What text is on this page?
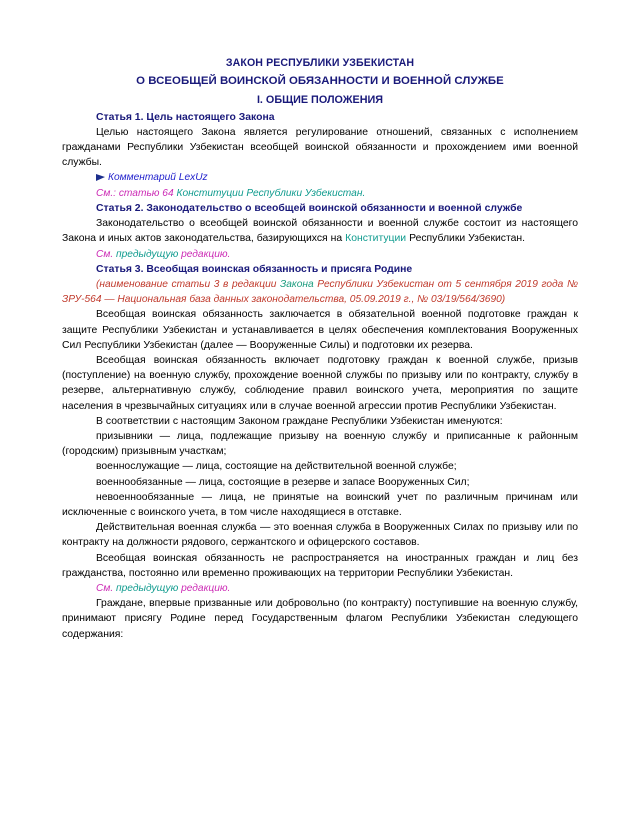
ЗАКОН РЕСПУБЛИКИ УЗБЕКИСТАН
О ВСЕОБЩЕЙ ВОИНСКОЙ ОБЯЗАННОСТИ И ВОЕННОЙ СЛУЖБЕ
I. ОБЩИЕ ПОЛОЖЕНИЯ
Статья 1. Цель настоящего Закона

Целью настоящего Закона является регулирование отношений, связанных с исполнением гражданами Республики Узбекистан всеобщей воинской обязанности и прохождением ими военной службы.

Комментарий LexUz

См.: статью 64 Конституции Республики Узбекистан.

Статья 2. Законодательство о всеобщей воинской обязанности и военной службе

Законодательство о всеобщей воинской обязанности и военной службе состоит из настоящего Закона и иных актов законодательства, базирующихся на Конституции Республики Узбекистан.

См. предыдущую редакцию.

Статья 3. Всеобщая воинская обязанность и присяга Родине

(наименование статьи 3 в редакции Закона Республики Узбекистан от 5 сентября 2019 года № ЗРУ-564 — Национальная база данных законодательства, 05.09.2019 г., № 03/19/564/3690)

Всеобщая воинская обязанность заключается в обязательной военной подготовке граждан к защите Республики Узбекистан и устанавливается в целях обеспечения комплектования Вооруженных Сил Республики Узбекистан (далее — Вооруженные Силы) и подготовки их резерва.

Всеобщая воинская обязанность включает подготовку граждан к военной службе, призыв (поступление) на военную службу, прохождение военной службы по призыву или по контракту, службу в резерве, альтернативную службу, соблюдение правил воинского учета, мероприятия по защите населения в чрезвычайных ситуациях или в случае военной агрессии против Республики Узбекистан.

В соответствии с настоящим Законом граждане Республики Узбекистан именуются:

призывники — лица, подлежащие призыву на военную службу и приписанные к районным (городским) призывным участкам;

военнослужащие — лица, состоящие на действительной военной службе;

военнообязанные — лица, состоящие в резерве и запасе Вооруженных Сил;

невоеннообязанные — лица, не принятые на воинский учет по различным причинам или исключенные с воинского учета, в том числе находящиеся в отставке.

Действительная военная служба — это военная служба в Вооруженных Силах по призыву или по контракту на должности рядового, сержантского и офицерского составов.

Всеобщая воинская обязанность не распространяется на иностранных граждан и лиц без гражданства, постоянно или временно проживающих на территории Республики Узбекистан.

См. предыдущую редакцию.

Граждане, впервые призванные или добровольно (по контракту) поступившие на военную службу, принимают присягу Родине перед Государственным флагом Республики Узбекистан следующего содержания:
